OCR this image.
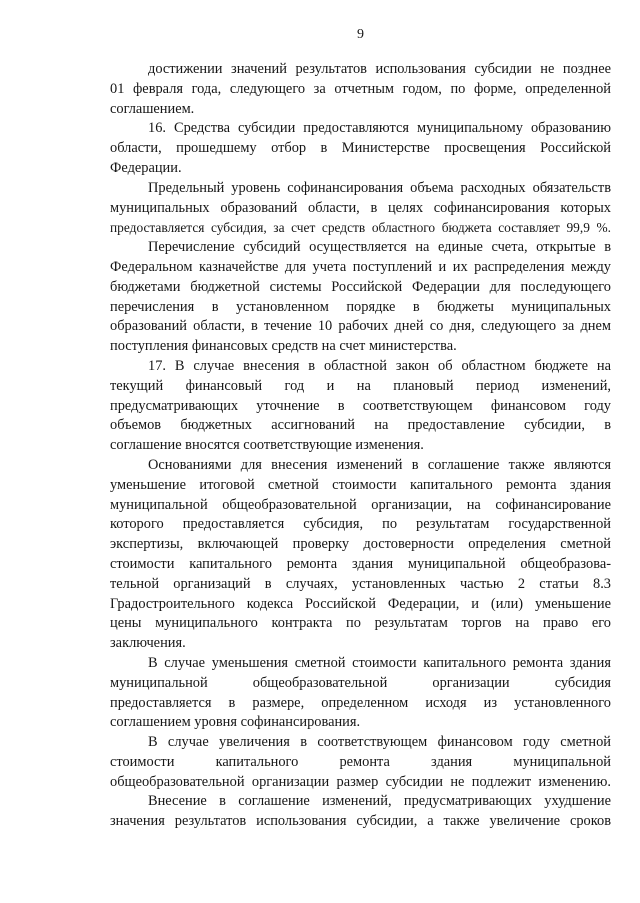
9
достижении значений результатов использования субсидии не позднее
01 февраля года, следующего за отчетным годом, по форме, определенной
соглашением.
16. Средства субсидии предоставляются муниципальному образованию
области, прошедшему отбор в Министерстве просвещения Российской
Федерации.
Предельный уровень софинансирования объема расходных обязательств
муниципальных образований области, в целях софинансирования которых
предоставляется субсидия, за счет средств областного бюджета составляет 99,9 %.
Перечисление субсидий осуществляется на единые счета, открытые в
Федеральном казначействе для учета поступлений и их распределения между
бюджетами бюджетной системы Российской Федерации для последующего
перечисления в установленном порядке в бюджеты муниципальных
образований области, в течение 10 рабочих дней со дня, следующего за днем
поступления финансовых средств на счет министерства.
17. В случае внесения в областной закон об областном бюджете на
текущий финансовый год и на плановый период изменений,
предусматривающих уточнение в соответствующем финансовом году
объемов бюджетных ассигнований на предоставление субсидии, в
соглашение вносятся соответствующие изменения.
Основаниями для внесения изменений в соглашение также являются
уменьшение итоговой сметной стоимости капитального ремонта здания
муниципальной общеобразовательной организации, на софинансирование
которого предоставляется субсидия, по результатам государственной
экспертизы, включающей проверку достоверности определения сметной
стоимости капитального ремонта здания муниципальной общеобразова-
тельной организаций в случаях, установленных частью 2 статьи 8.3
Градостроительного кодекса Российской Федерации, и (или) уменьшение
цены муниципального контракта по результатам торгов на право его
заключения.
В случае уменьшения сметной стоимости капитального ремонта здания
муниципальной общеобразовательной организации субсидия
предоставляется в размере, определенном исходя из установленного
соглашением уровня софинансирования.
В случае увеличения в соответствующем финансовом году сметной
стоимости капитального ремонта здания муниципальной
общеобразовательной организации размер субсидии не подлежит изменению.
Внесение в соглашение изменений, предусматривающих ухудшение
значения результатов использования субсидии, а также увеличение сроков
